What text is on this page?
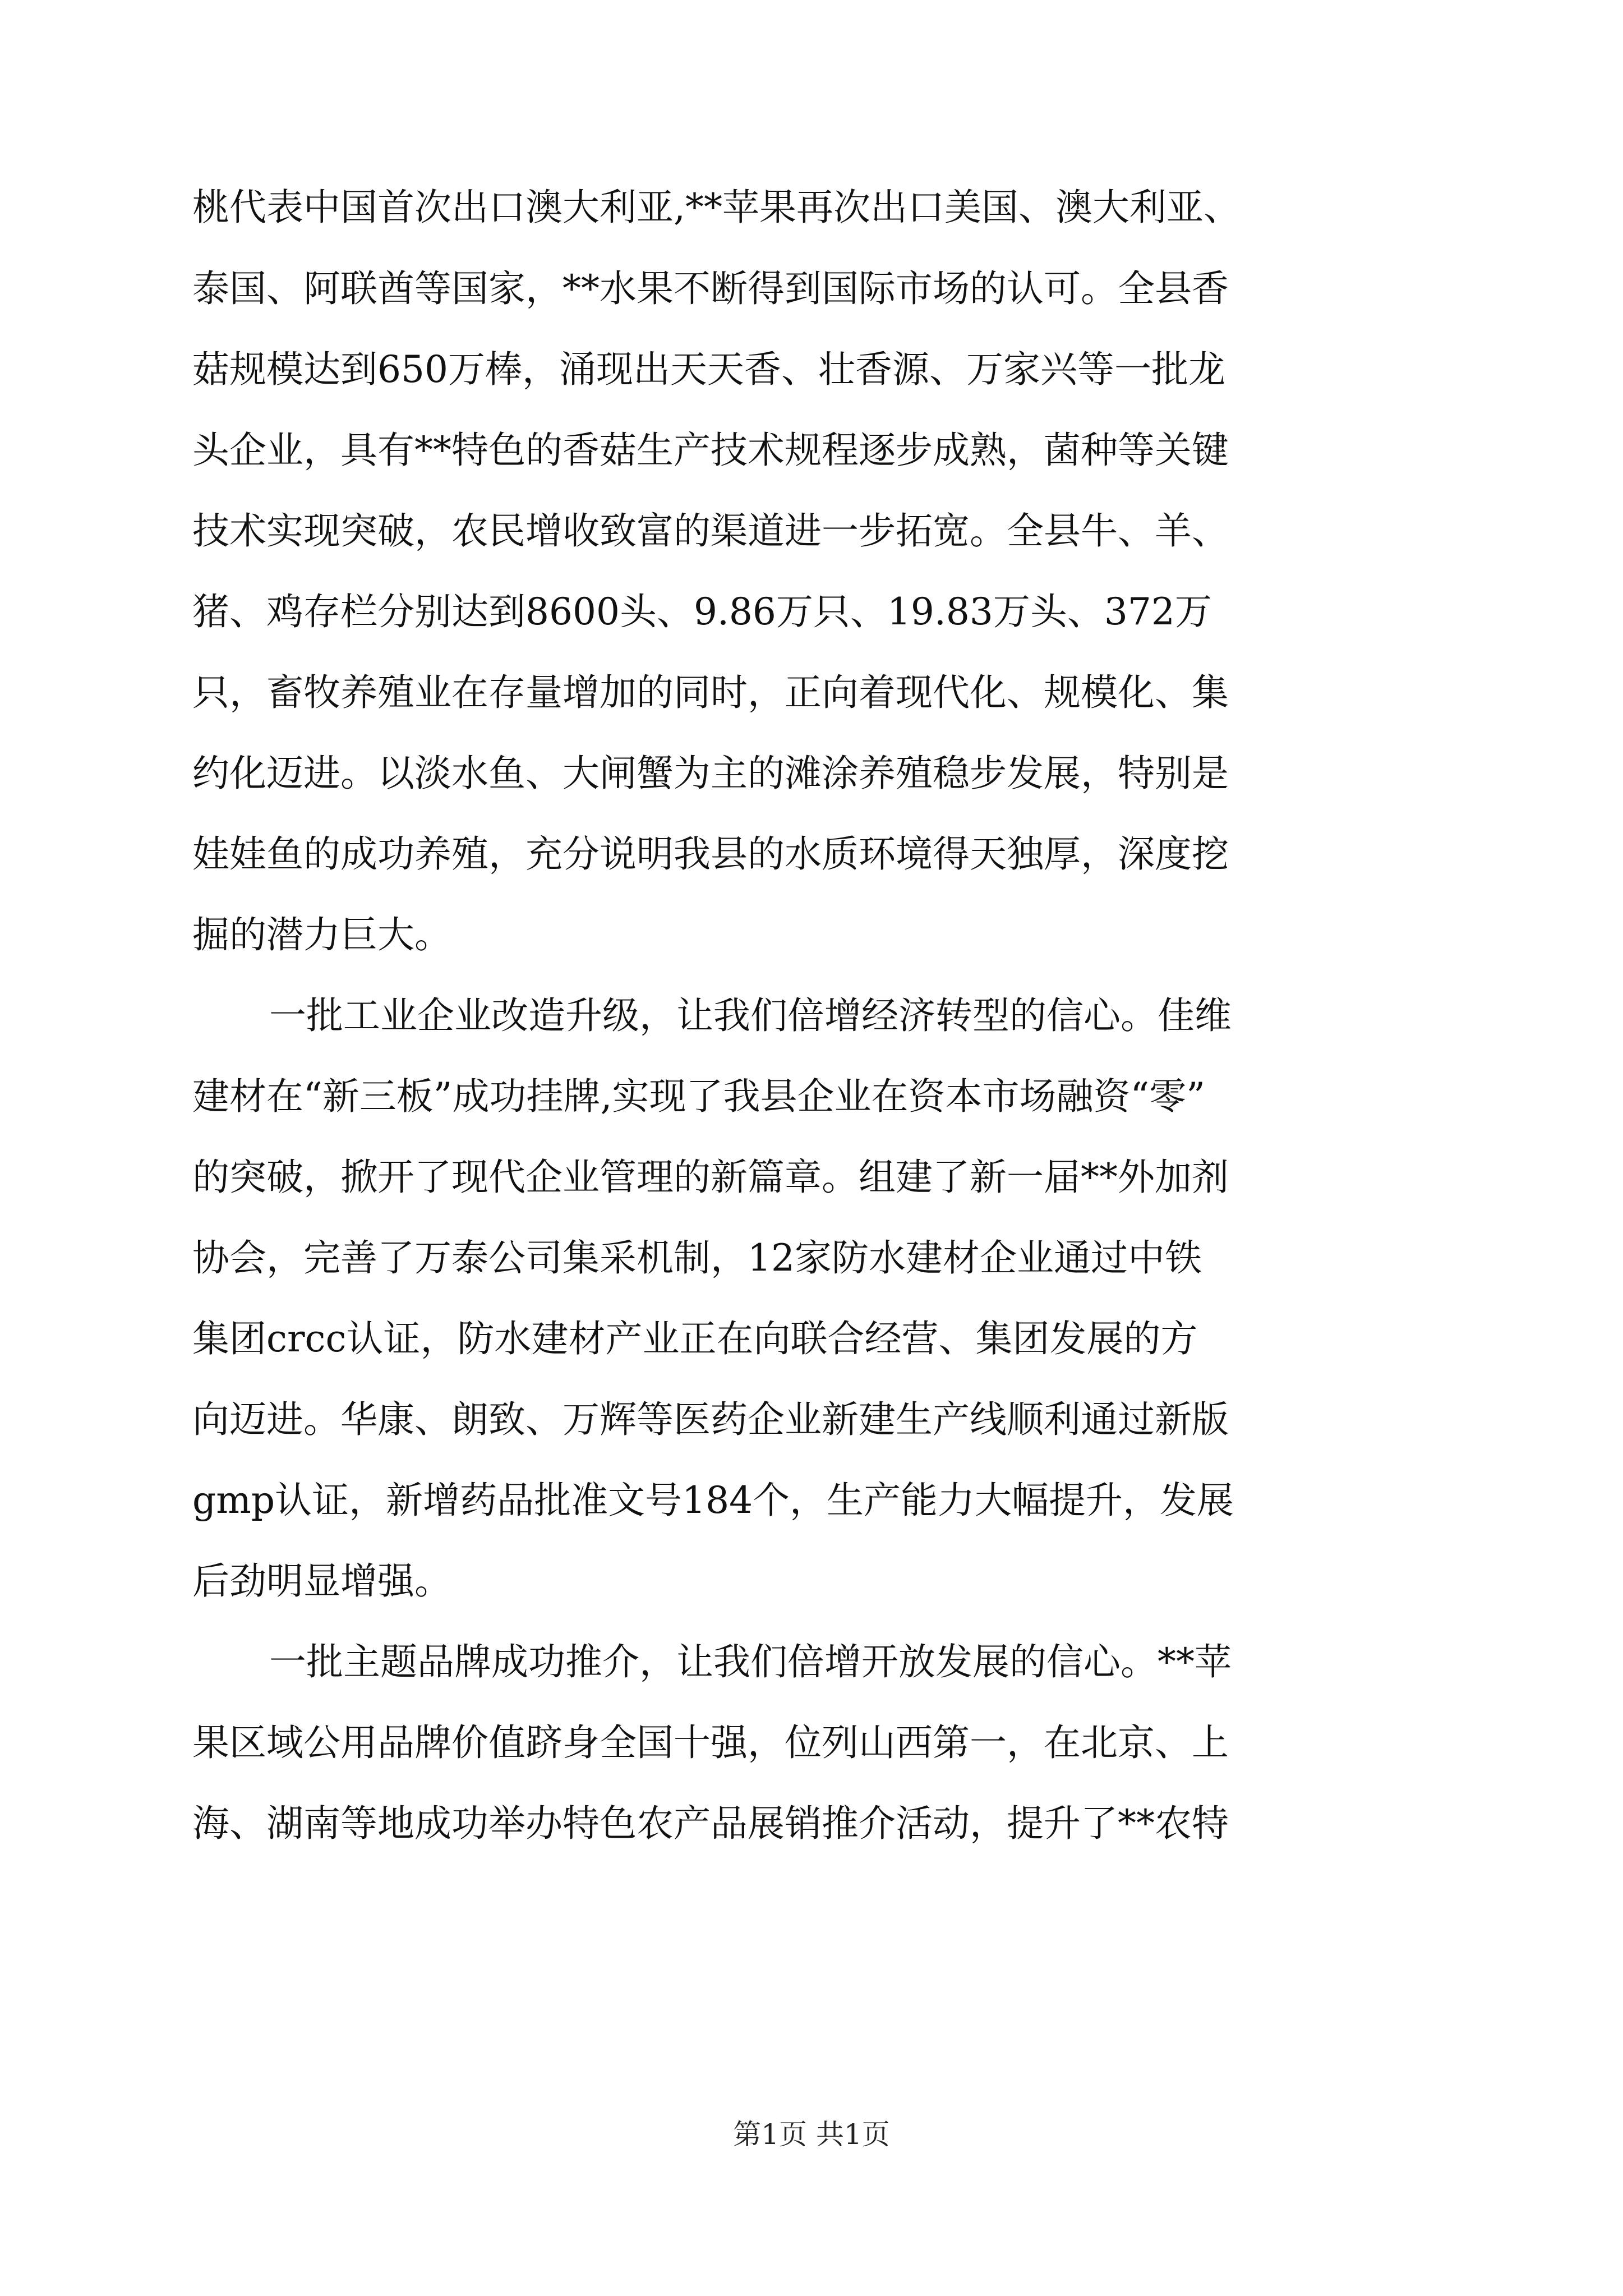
桃代表中国首次出口澳大利亚,**苹果再次出口美国、澳大利亚、
泰国、阿联酋等国家，**水果不断得到国际市场的认可。全县香
菇规模达到650万棒，涌现出天天香、壮香源、万家兴等一批龙
头企业，具有**特色的香菇生产技术规程逐步成熟，菌种等关键
技术实现突破，农民增收致富的渠道进一步拓宽。全县牛、羊、
猪、鸡存栏分别达到8600头、9.86万只、19.83万头、372万
只，畜牧养殖业在存量增加的同时，正向着现代化、规模化、集
约化迈进。以淡水鱼、大闸蟹为主的滩涂养殖稳步发展，特别是
娃娃鱼的成功养殖，充分说明我县的水质环境得天独厚，深度挖
掘的潜力巨大。
一批工业企业改造升级，让我们倍增经济转型的信心。佳维
建材在“新三板”成功挂牌,实现了我县企业在资本市场融资“零”
的突破，掀开了现代企业管理的新篇章。组建了新一届**外加剂
协会，完善了万泰公司集采机制，12家防水建材企业通过中铁
集团crcc认证，防水建材产业正在向联合经营、集团发展的方
向迈进。华康、朗致、万辉等医药企业新建生产线顺利通过新版
gmp认证，新增药品批准文号184个，生产能力大幅提升，发展
后劲明显增强。
一批主题品牌成功推介，让我们倍增开放发展的信心。**苹
果区域公用品牌价值跻身全国十强，位列山西第一，在北京、上
海、湖南等地成功举办特色农产品展销推介活动，提升了**农特
第1页 共1页
